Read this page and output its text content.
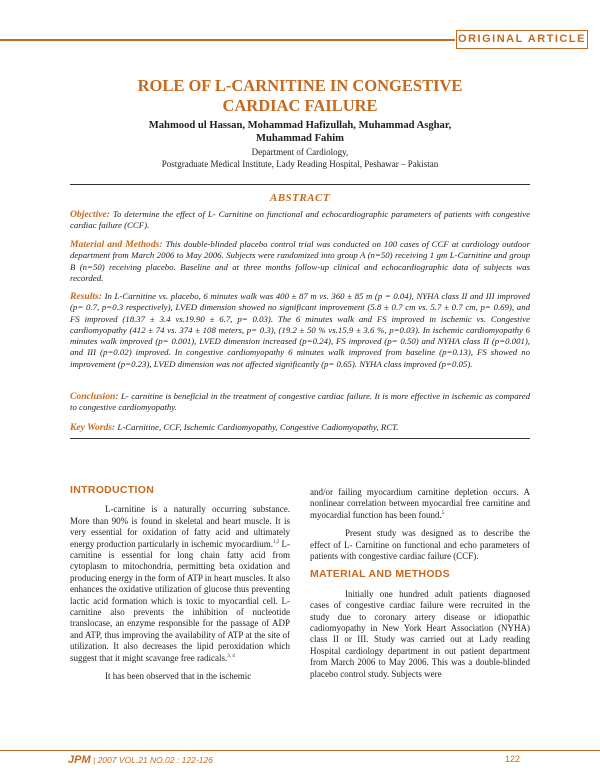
ORIGINAL ARTICLE
ROLE OF L-CARNITINE IN CONGESTIVE
CARDIAC FAILURE
Mahmood ul Hassan, Mohammad Hafizullah, Muhammad Asghar,
Muhammad Fahim
Department of Cardiology,
Postgraduate Medical Institute, Lady Reading Hospital, Peshawar – Pakistan
ABSTRACT

Objective: To determine the effect of L- Carnitine on functional and echocardiographic parameters of patients with congestive cardiac failure (CCF).

Material and Methods: This double-blinded placebo control trial was conducted on 100 cases of CCF at cardiology outdoor department from March 2006 to May 2006. Subjects were randomized into group A (n=50) receiving 1 gm L-Carnitine and group B (n=50) receiving placebo. Baseline and at three months follow-up clinical and echocardiographic data of subjects was recorded.

Results: In L-Carnitine vs. placebo, 6 minutes walk was 400 ± 87 m vs. 360 ± 85 m (p = 0.04), NYHA class II and III improved (p= 0.7, p=0.3 respectively), LVED dimension showed no significant improvement (5.8 ± 0.7 cm vs. 5.7 ± 0.7 cm, p= 0.69), and FS improved (18.37 ± 3.4 vs.19.90 ± 6.7, p= 0.03). The 6 minutes walk and FS improved in ischemic vs. Congestive cardiomyopathy (412 ± 74 vs. 374 ± 108 meters, p= 0.3), (19.2 ± 50 % vs.15.9 ± 3.6 %, p=0.03). In ischemic cardiomyopathy 6 minutes walk improved (p= 0.001), LVED dimension increased (p=0.24), FS improved (p= 0.50) and NYHA class II (p=0.001), and III (p=0.02) improved. In congestive cardiomyopathy 6 minutes walk improved from baseline (p=0.13), FS showed no improvement (p=0.23), LVED dimension was not affected significantly (p= 0.65). NYHA class improved (p=0.05).

Conclusion: L- carnitine is beneficial in the treatment of congestive cardiac failure. It is more effective in ischemic as compared to congestive cardiomyopathy.

Key Words: L-Carnitine, CCF, Ischemic Cardiomyopathy, Congestive Cadiomyopathy, RCT.

INTRODUCTION

L-carnitine is a naturally occurring substance. More than 90% is found in skeletal and heart muscle. It is very essential for oxidation of fatty acid and ultimately energy production particularly in ischemic myocardium.$^{1,2}$ L- carnitine is essential for long chain fatty acid from cytoplasm to mitochondria, permitting beta oxidation and producing energy in the form of ATP in heart muscles. It also enhances the oxidative utilization of glucose thus preventing lactic acid formation which is toxic to myocardial cell. L-carnitine also prevents the inhibition of nucleotide translocase, an enzyme responsible for the passage of ADP and ATP, thus improving the availability of ATP at the site of utilization. It also decreases the lipid peroxidation which suggest that it might scavange free radicals.$^{3, 4}$

It has been observed that in the ischemic

and/or failing myocardium carnitine depletion occurs. A nonlinear correlation between myocardial free carnitine and myocardial function has been found.$^5$

Present study was designed as to describe the effect of L- Carnitine on functional and echo parameters of patients with congestive cardiac failure (CCF).

MATERIAL AND METHODS

Initially one hundred adult patients diagnosed cases of congestive cardiac failure were recruited in the study due to coronary artery disease or idiopathic cadiomyopathy in New York Heart Association (NYHA) class II or III. Study was carried out at Lady reading Hospital cardiology department in out patient department from March 2006 to May 2006. This was a double-blinded placebo control study. Subjects were

JPM | 2007 VOL.21 NO.02 : 122-126	122
